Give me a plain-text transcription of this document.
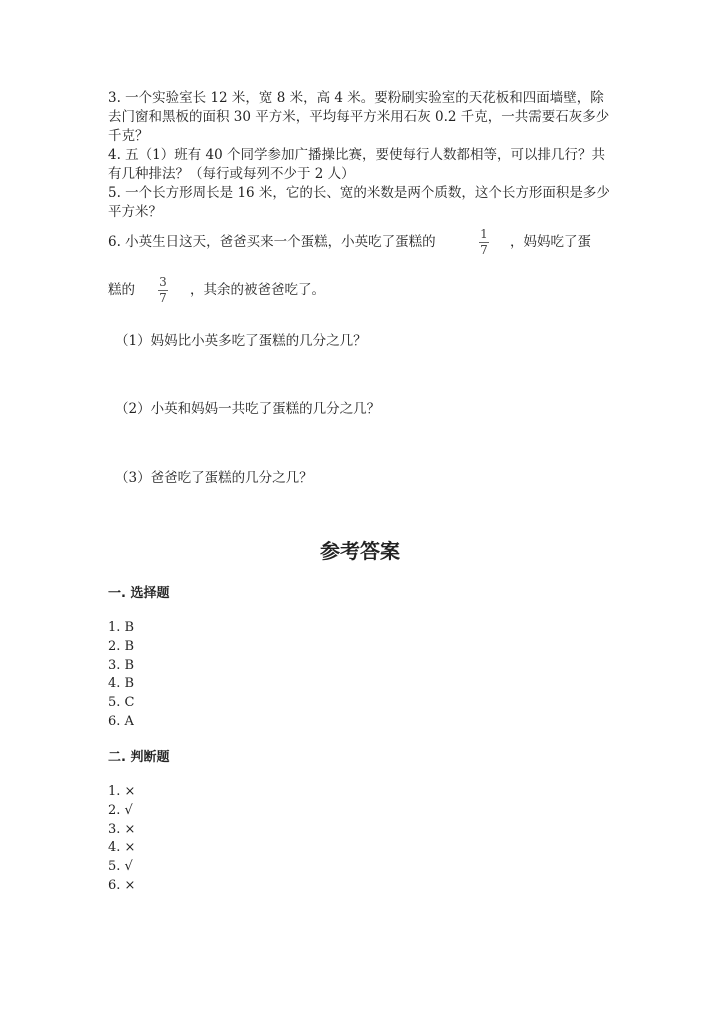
3. 一个实验室长 12 米，宽 8 米，高 4 米。要粉刷实验室的天花板和四面墙壁，除去门窗和黑板的面积 30 平方米，平均每平方米用石灰 0.2 千克，一共需要石灰多少千克？
4. 五（1）班有 40 个同学参加广播操比赛，要使每行人数都相等，可以排几行？共有几种排法？（每行或每列不少于 2 人）
5. 一个长方形周长是 16 米，它的长、宽的米数是两个质数，这个长方形面积是多少平方米？
6. 小英生日这天，爸爸买来一个蛋糕，小英吃了蛋糕的	1
7 ，妈妈吃了蛋
糕的 3
7 ，其余的被爸爸吃了。
（1）妈妈比小英多吃了蛋糕的几分之几？
（2）小英和妈妈一共吃了蛋糕的几分之几？
（3）爸爸吃了蛋糕的几分之几？
参考答案
一. 选择题
1. B
2. B
3. B
4. B
5. C
6. A
二. 判断题
1. ×
2. √
3. ×
4. ×
5. √
6. ×
